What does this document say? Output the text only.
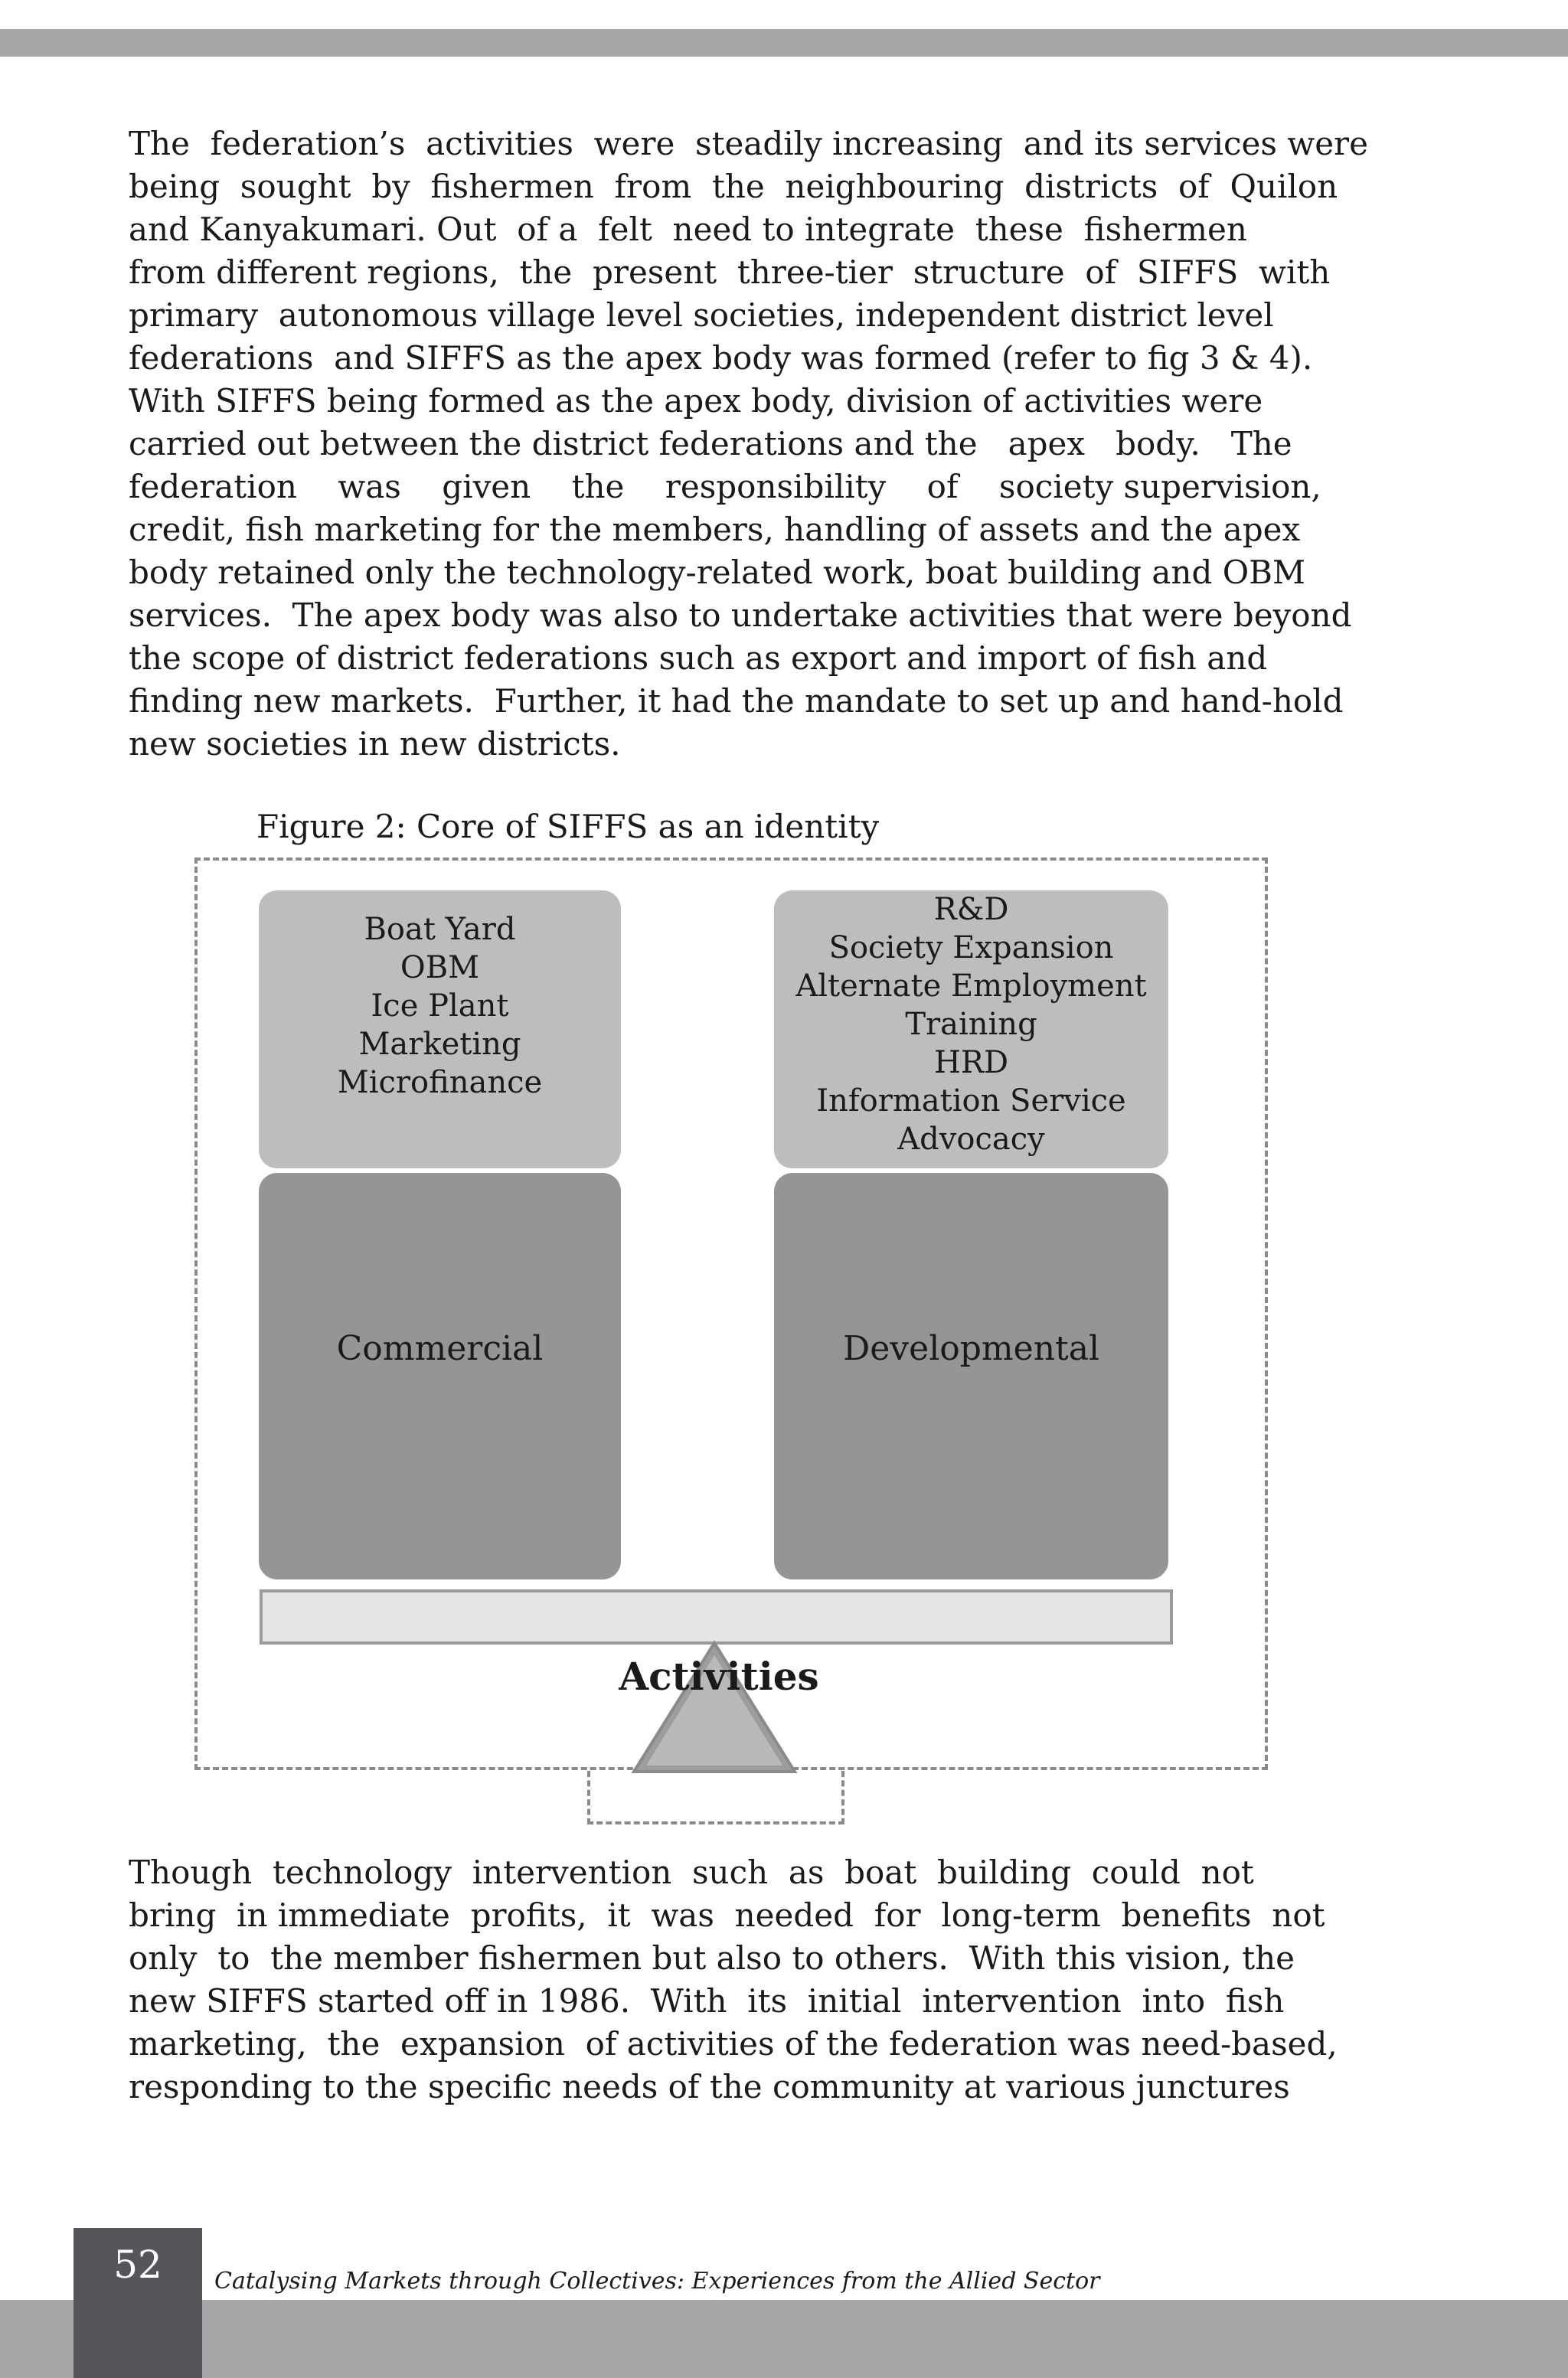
The  federation’s  activities  were  steadily increasing  and its services were
being  sought  by  fishermen  from  the  neighbouring  districts  of  Quilon
and Kanyakumari. Out  of a  felt  need to integrate  these  fishermen
from different regions,  the  present  three-tier  structure  of  SIFFS  with
primary  autonomous village level societies, independent district level
federations  and SIFFS as the apex body was formed (refer to fig 3 & 4).
With SIFFS being formed as the apex body, division of activities were
carried out between the district federations and the   apex   body.   The
federation    was    given    the    responsibility    of    society supervision,
credit, fish marketing for the members, handling of assets and the apex
body retained only the technology-related work, boat building and OBM
services.  The apex body was also to undertake activities that were beyond
the scope of district federations such as export and import of fish and
finding new markets.  Further, it had the mandate to set up and hand-hold
new societies in new districts.
Figure 2: Core of SIFFS as an identity
Boat Yard
OBM
Ice Plant
Marketing
Microfinance
R&D
Society Expansion
Alternate Employment
Training
HRD
Information Service
Advocacy
Commercial	Developmental
Activities
Though  technology  intervention  such  as  boat  building  could  not
bring  in immediate  profits,  it  was  needed  for  long-term  benefits  not
only  to  the member fishermen but also to others.  With this vision, the
new SIFFS started off in 1986.  With  its  initial  intervention  into  fish
marketing,  the  expansion  of activities of the federation was need-based,
responding to the specific needs of the community at various junctures
52	Catalysing Markets through Collectives: Experiences from the Allied Sector
